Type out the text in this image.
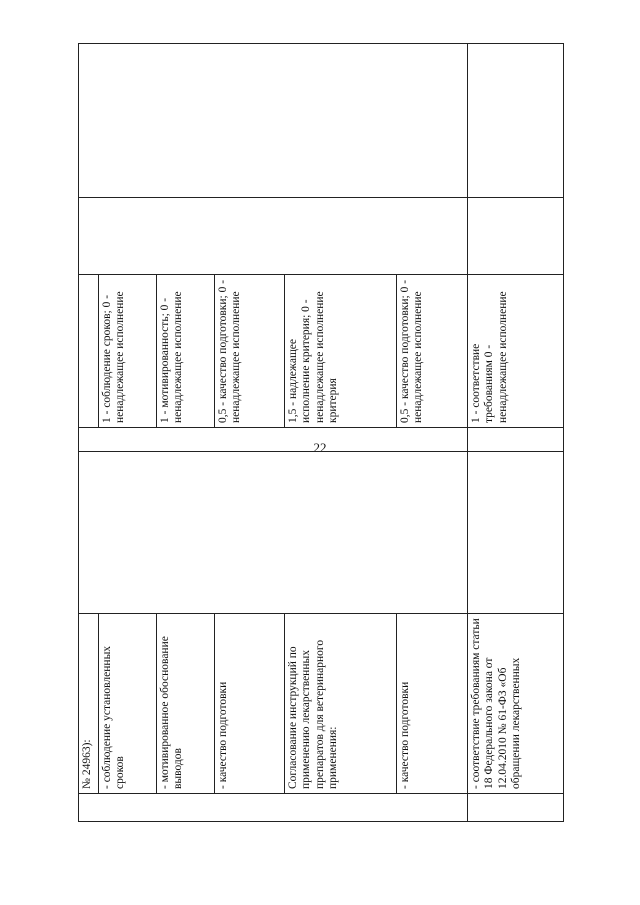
22
	№ 24963):					
	- соблюдение установленных сроков			1 - соблюдение сроков; 0 - ненадлежащее исполнение		
	- мотивированное обоснование выводов			1 - мотивированность; 0 - ненадлежащее исполнение		
	- качество подготовки			0,5 - качество подготовки; 0 - ненадлежащее исполнение		
	Согласование инструкций по применению лекарственных препаратов для ветеринарного применения:			1,5 - надлежащее исполнение критерия; 0 - ненадлежащее исполнение критерия		
	- качество подготовки			0,5 - качество подготовки; 0 - ненадлежащее исполнение		
	- соответствие требованиям статьи 18 Федерального закона от 12.04.2010 № 61-ФЗ «Об обращении лекарственных			1 - соответствие требованиям 0 - ненадлежащее исполнение		
